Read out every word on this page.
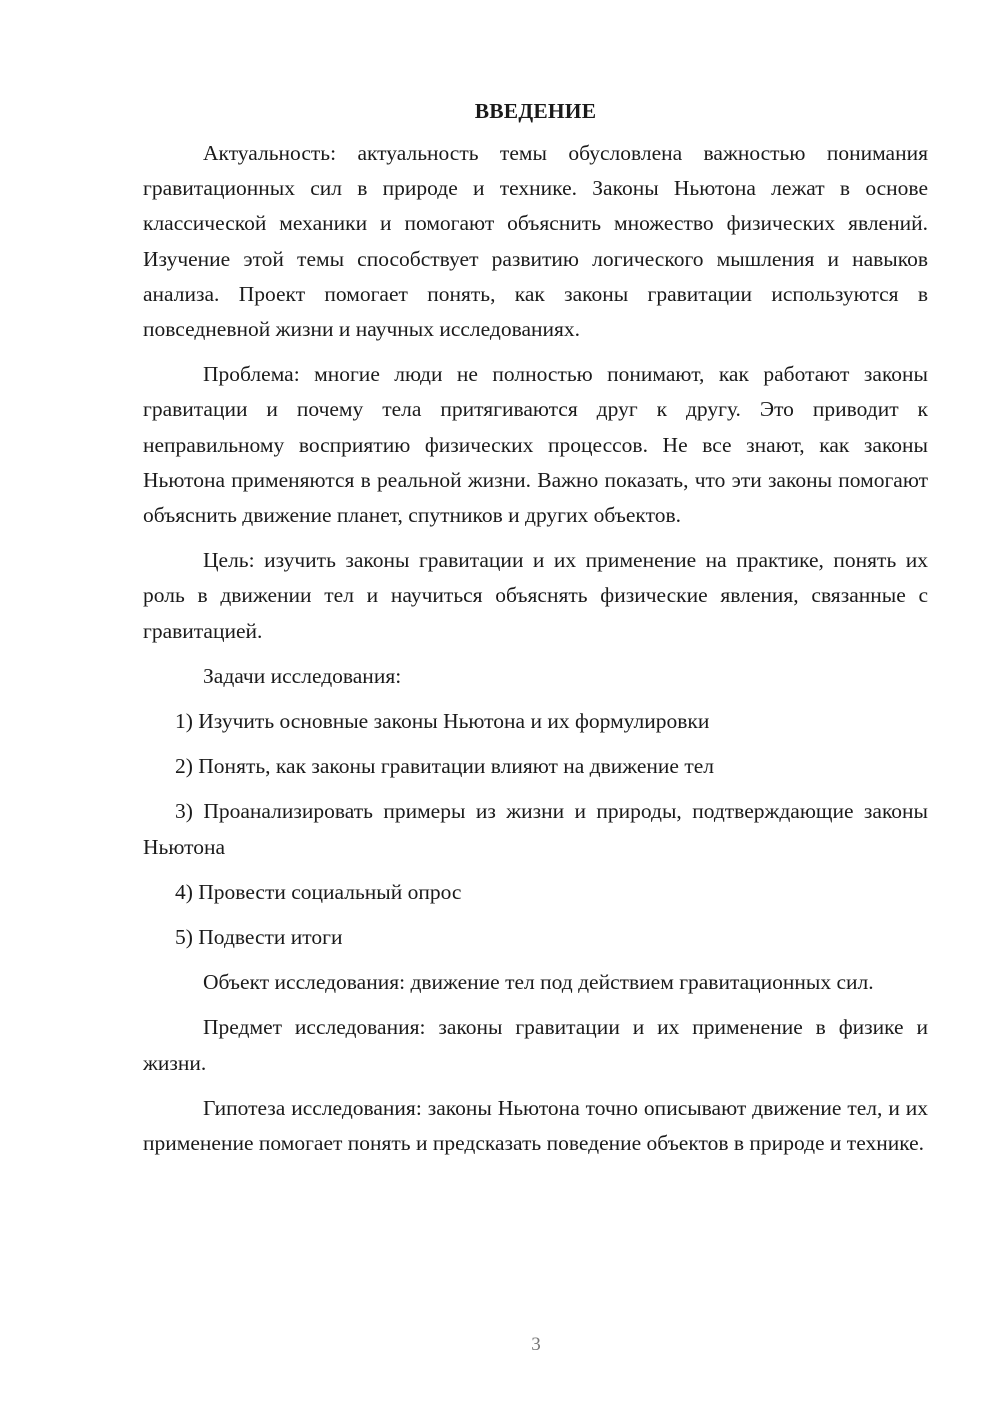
ВВЕДЕНИЕ

Актуальность: актуальность темы обусловлена важностью понимания гравитационных сил в природе и технике. Законы Ньютона лежат в основе классической механики и помогают объяснить множество физических явлений. Изучение этой темы способствует развитию логического мышления и навыков анализа. Проект помогает понять, как законы гравитации используются в повседневной жизни и научных исследованиях.

Проблема: многие люди не полностью понимают, как работают законы гравитации и почему тела притягиваются друг к другу. Это приводит к неправильному восприятию физических процессов. Не все знают, как законы Ньютона применяются в реальной жизни. Важно показать, что эти законы помогают объяснить движение планет, спутников и других объектов.

Цель: изучить законы гравитации и их применение на практике, понять их роль в движении тел и научиться объяснять физические явления, связанные с гравитацией.

Задачи исследования:

1) Изучить основные законы Ньютона и их формулировки

2) Понять, как законы гравитации влияют на движение тел

3) Проанализировать примеры из жизни и природы, подтверждающие законы Ньютона

4) Провести социальный опрос

5) Подвести итоги

Объект исследования: движение тел под действием гравитационных сил.

Предмет исследования: законы гравитации и их применение в физике и жизни.

Гипотеза исследования: законы Ньютона точно описывают движение тел, и их применение помогает понять и предсказать поведение объектов в природе и технике.

3
